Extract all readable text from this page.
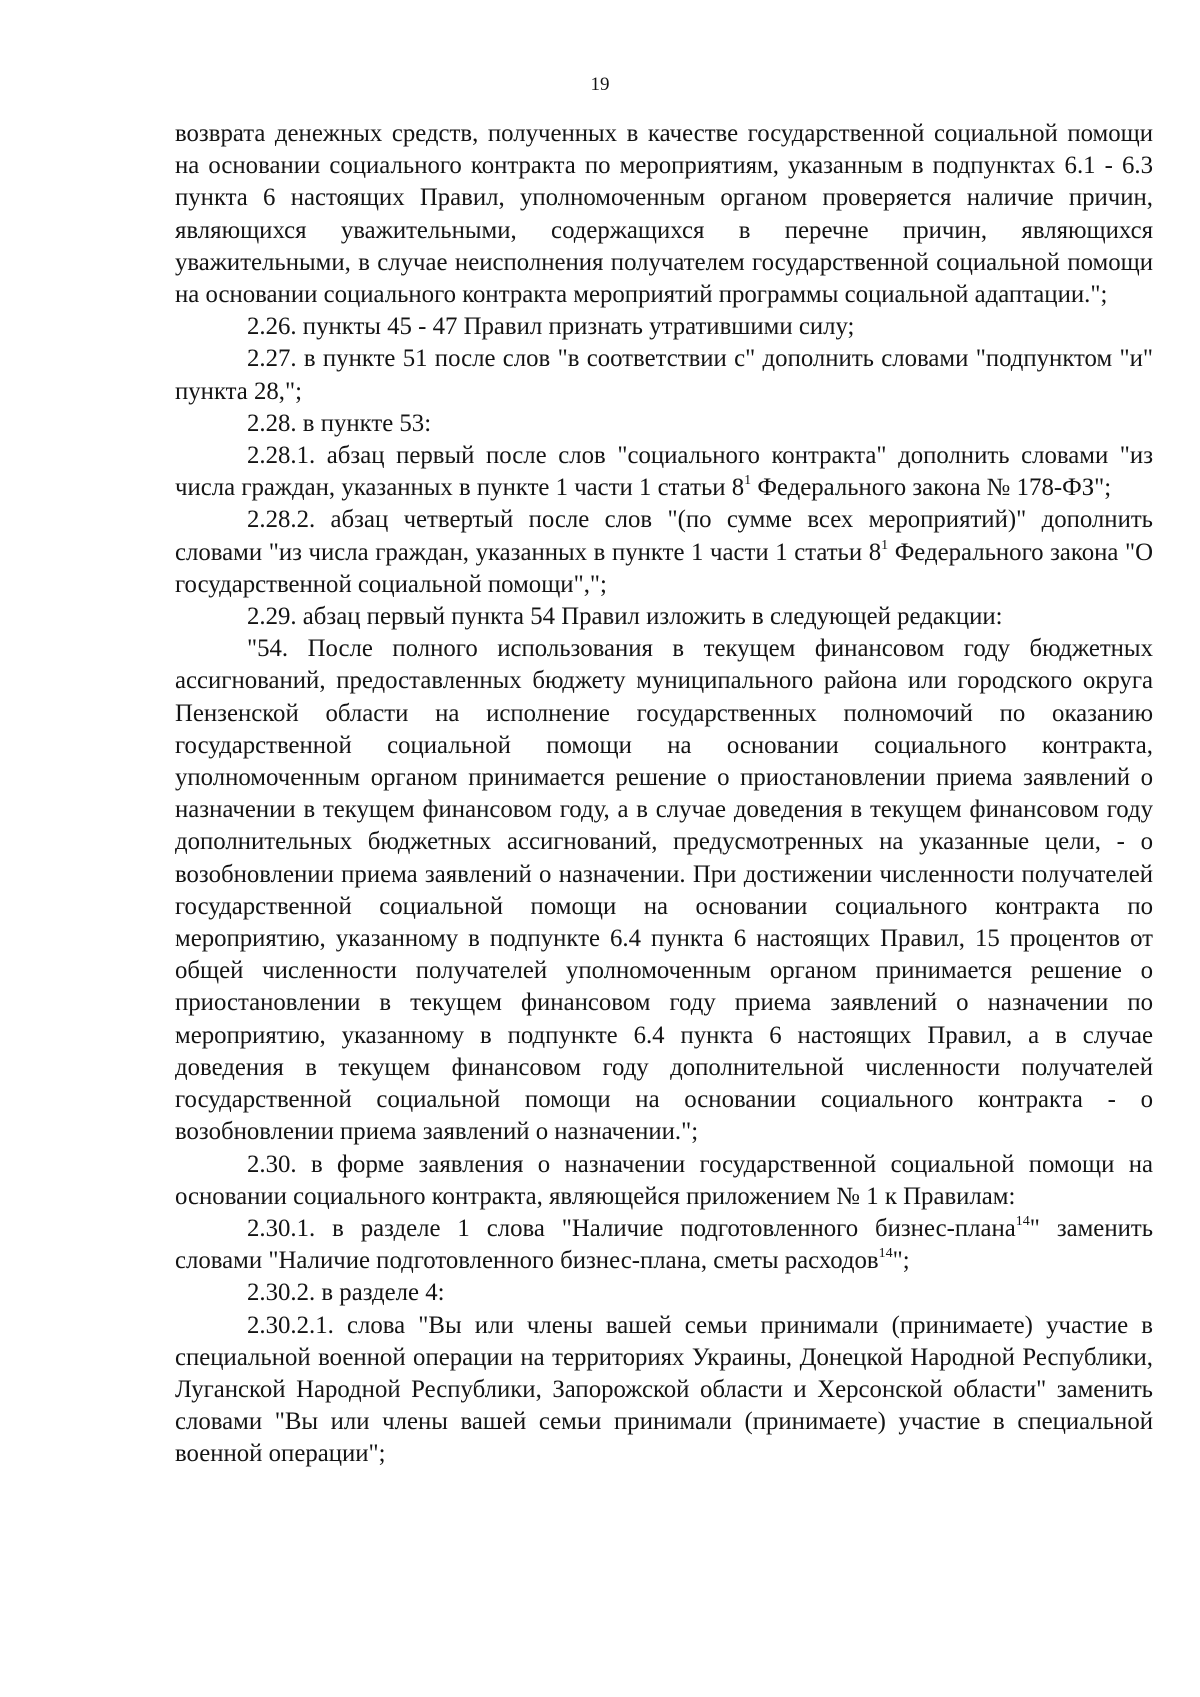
19

возврата денежных средств, полученных в качестве государственной социальной помощи на основании социального контракта по мероприятиям, указанным в подпунктах 6.1 - 6.3 пункта 6 настоящих Правил, уполномоченным органом проверяется наличие причин, являющихся уважительными, содержащихся в перечне причин, являющихся уважительными, в случае неисполнения получателем государственной социальной помощи на основании социального контракта мероприятий программы социальной адаптации.";

2.26. пункты 45 - 47 Правил признать утратившими силу;

2.27. в пункте 51 после слов "в соответствии с" дополнить словами "подпунктом "и" пункта 28,";

2.28. в пункте 53:

2.28.1. абзац первый после слов "социального контракта" дополнить словами "из числа граждан, указанных в пункте 1 части 1 статьи $8^1$ Федерального закона № 178-ФЗ";

2.28.2. абзац четвертый после слов "(по сумме всех мероприятий)" дополнить словами "из числа граждан, указанных в пункте 1 части 1 статьи $8^1$ Федерального закона "О государственной социальной помощи",";

2.29. абзац первый пункта 54 Правил изложить в следующей редакции:

"54. После полного использования в текущем финансовом году бюджетных ассигнований, предоставленных бюджету муниципального района или городского округа Пензенской области на исполнение государственных полномочий по оказанию государственной социальной помощи на основании социального контракта, уполномоченным органом принимается решение о приостановлении приема заявлений о назначении в текущем финансовом году, а в случае доведения в текущем финансовом году дополнительных бюджетных ассигнований, предусмотренных на указанные цели, - о возобновлении приема заявлений о назначении. При достижении численности получателей государственной социальной помощи на основании социального контракта по мероприятию, указанному в подпункте 6.4 пункта 6 настоящих Правил, 15 процентов от общей численности получателей уполномоченным органом принимается решение о приостановлении в текущем финансовом году приема заявлений о назначении по мероприятию, указанному в подпункте 6.4 пункта 6 настоящих Правил, а в случае доведения в текущем финансовом году дополнительной численности получателей государственной социальной помощи на основании социального контракта - о возобновлении приема заявлений о назначении.";

2.30. в форме заявления о назначении государственной социальной помощи на основании социального контракта, являющейся приложением № 1 к Правилам:

2.30.1. в разделе 1 слова "Наличие подготовленного бизнес-плана$^{14}$" заменить словами "Наличие подготовленного бизнес-плана, сметы расходов$^{14}$";

2.30.2. в разделе 4:

2.30.2.1. слова "Вы или члены вашей семьи принимали (принимаете) участие в специальной военной операции на территориях Украины, Донецкой Народной Республики, Луганской Народной Республики, Запорожской области и Херсонской области" заменить словами "Вы или члены вашей семьи принимали (принимаете) участие в специальной военной операции";
